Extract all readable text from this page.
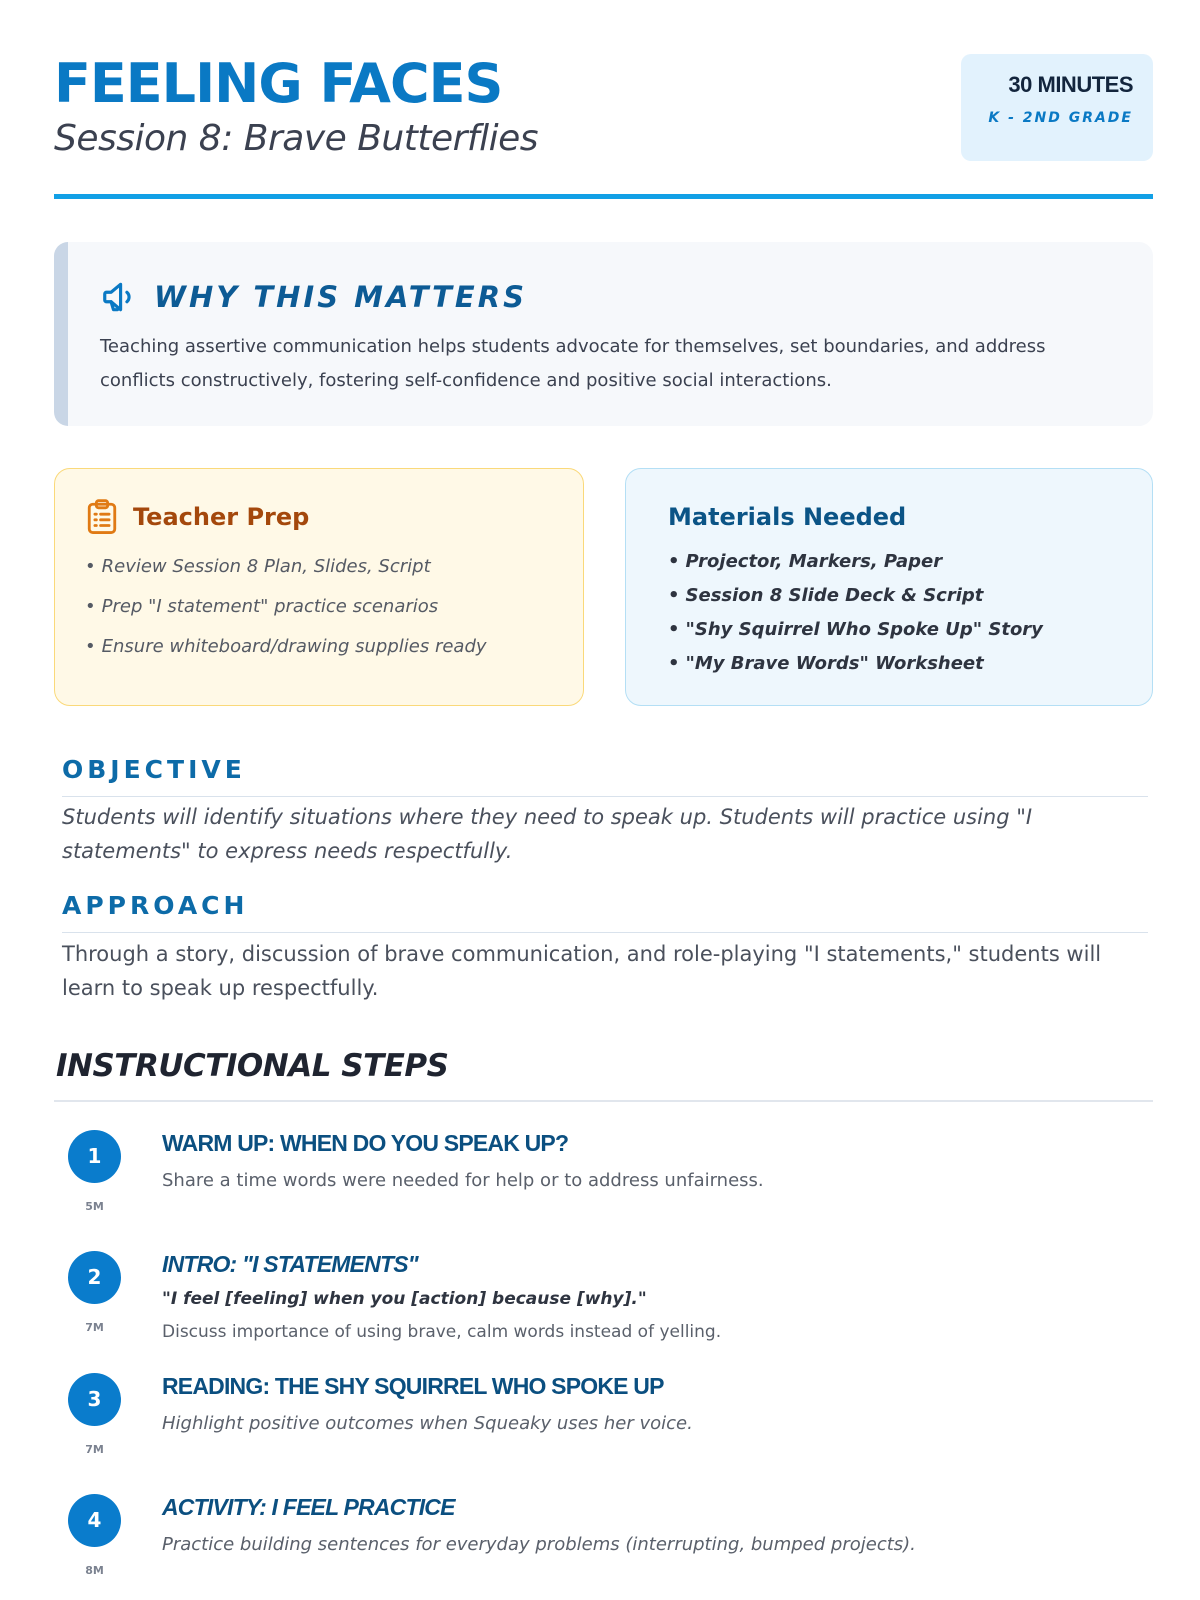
FEELING FACES
Session 8: Brave Butterflies
30 MINUTES
K - 2ND GRADE
WHY THIS MATTERS
Teaching assertive communication helps students advocate for themselves, set boundaries, and address conflicts constructively, fostering self-confidence and positive social interactions.
Teacher Prep
• Review Session 8 Plan, Slides, Script
• Prep "I statement" practice scenarios
• Ensure whiteboard/drawing supplies ready
Materials Needed
• Projector, Markers, Paper
• Session 8 Slide Deck & Script
• "Shy Squirrel Who Spoke Up" Story
• "My Brave Words" Worksheet
OBJECTIVE
Students will identify situations where they need to speak up. Students will practice using "I statements" to express needs respectfully.
APPROACH
Through a story, discussion of brave communication, and role-playing "I statements," students will learn to speak up respectfully.
INSTRUCTIONAL STEPS
1
5M
WARM UP: WHEN DO YOU SPEAK UP?
Share a time words were needed for help or to address unfairness.
2
7M
INTRO: "I STATEMENTS"
"I feel [feeling] when you [action] because [why]."
Discuss importance of using brave, calm words instead of yelling.
3
7M
READING: THE SHY SQUIRREL WHO SPOKE UP
Highlight positive outcomes when Squeaky uses her voice.
4
8M
ACTIVITY: I FEEL PRACTICE
Practice building sentences for everyday problems (interrupting, bumped projects).
